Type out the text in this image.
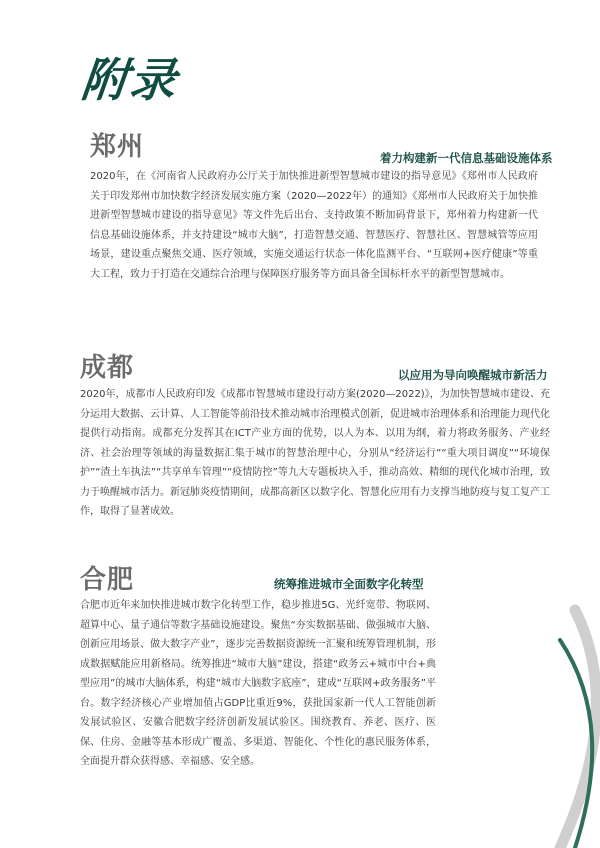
附录
郑州	着力构建新一代信息基础设施体系
2020年，在《河南省人民政府办公厅关于加快推进新型智慧城市建设的指导意见》《郑州市人民政府关于印发郑州市加快数字经济发展实施方案（2020—2022年）的通知》《郑州市人民政府关于加快推进新型智慧城市建设的指导意见》等文件先后出台、支持政策不断加码背景下，郑州着力构建新一代信息基础设施体系，并支持建设“城市大脑”，打造智慧交通、智慧医疗、智慧社区、智慧城管等应用场景，建设重点聚焦交通、医疗领域，实施交通运行状态一体化监测平台、“互联网+医疗健康”等重大工程，致力于打造在交通综合治理与保障医疗服务等方面具备全国标杆水平的新型智慧城市。
成都	以应用为导向唤醒城市新活力
2020年，成都市人民政府印发《成都市智慧城市建设行动方案(2020—2022)》，为加快智慧城市建设、充分运用大数据、云计算、人工智能等前沿技术推动城市治理模式创新，促进城市治理体系和治理能力现代化提供行动指南。成都充分发挥其在ICT产业方面的优势，以人为本、以用为纲，着力将政务服务、产业经济、社会治理等领域的海量数据汇集于城市的智慧治理中心，分别从“经济运行”“重大项目调度”“环境保护”“渣土车执法”“共享单车管理”“疫情防控”等九大专题板块入手，推动高效、精细的现代化城市治理，致力于唤醒城市活力。新冠肺炎疫情期间，成都高新区以数字化、智慧化应用有力支撑当地防疫与复工复产工作，取得了显著成效。
合肥	统筹推进城市全面数字化转型
合肥市近年来加快推进城市数字化转型工作，稳步推进5G、光纤宽带、物联网、超算中心、量子通信等数字基础设施建设。聚焦“夯实数据基础、做强城市大脑、创新应用场景、做大数字产业”，逐步完善数据资源统一汇聚和统筹管理机制，形成数据赋能应用新格局。统筹推进“城市大脑”建设，搭建“政务云+城市中台+典型应用”的城市大脑体系，构建“城市大脑数字底座”，建成“互联网+政务服务”平台。数字经济核心产业增加值占GDP比重近9%，获批国家新一代人工智能创新发展试验区、安徽合肥数字经济创新发展试验区。围绕教育、养老、医疗、医保、住房、金融等基本形成广覆盖、多渠道、智能化、个性化的惠民服务体系，全面提升群众获得感、幸福感、安全感。
